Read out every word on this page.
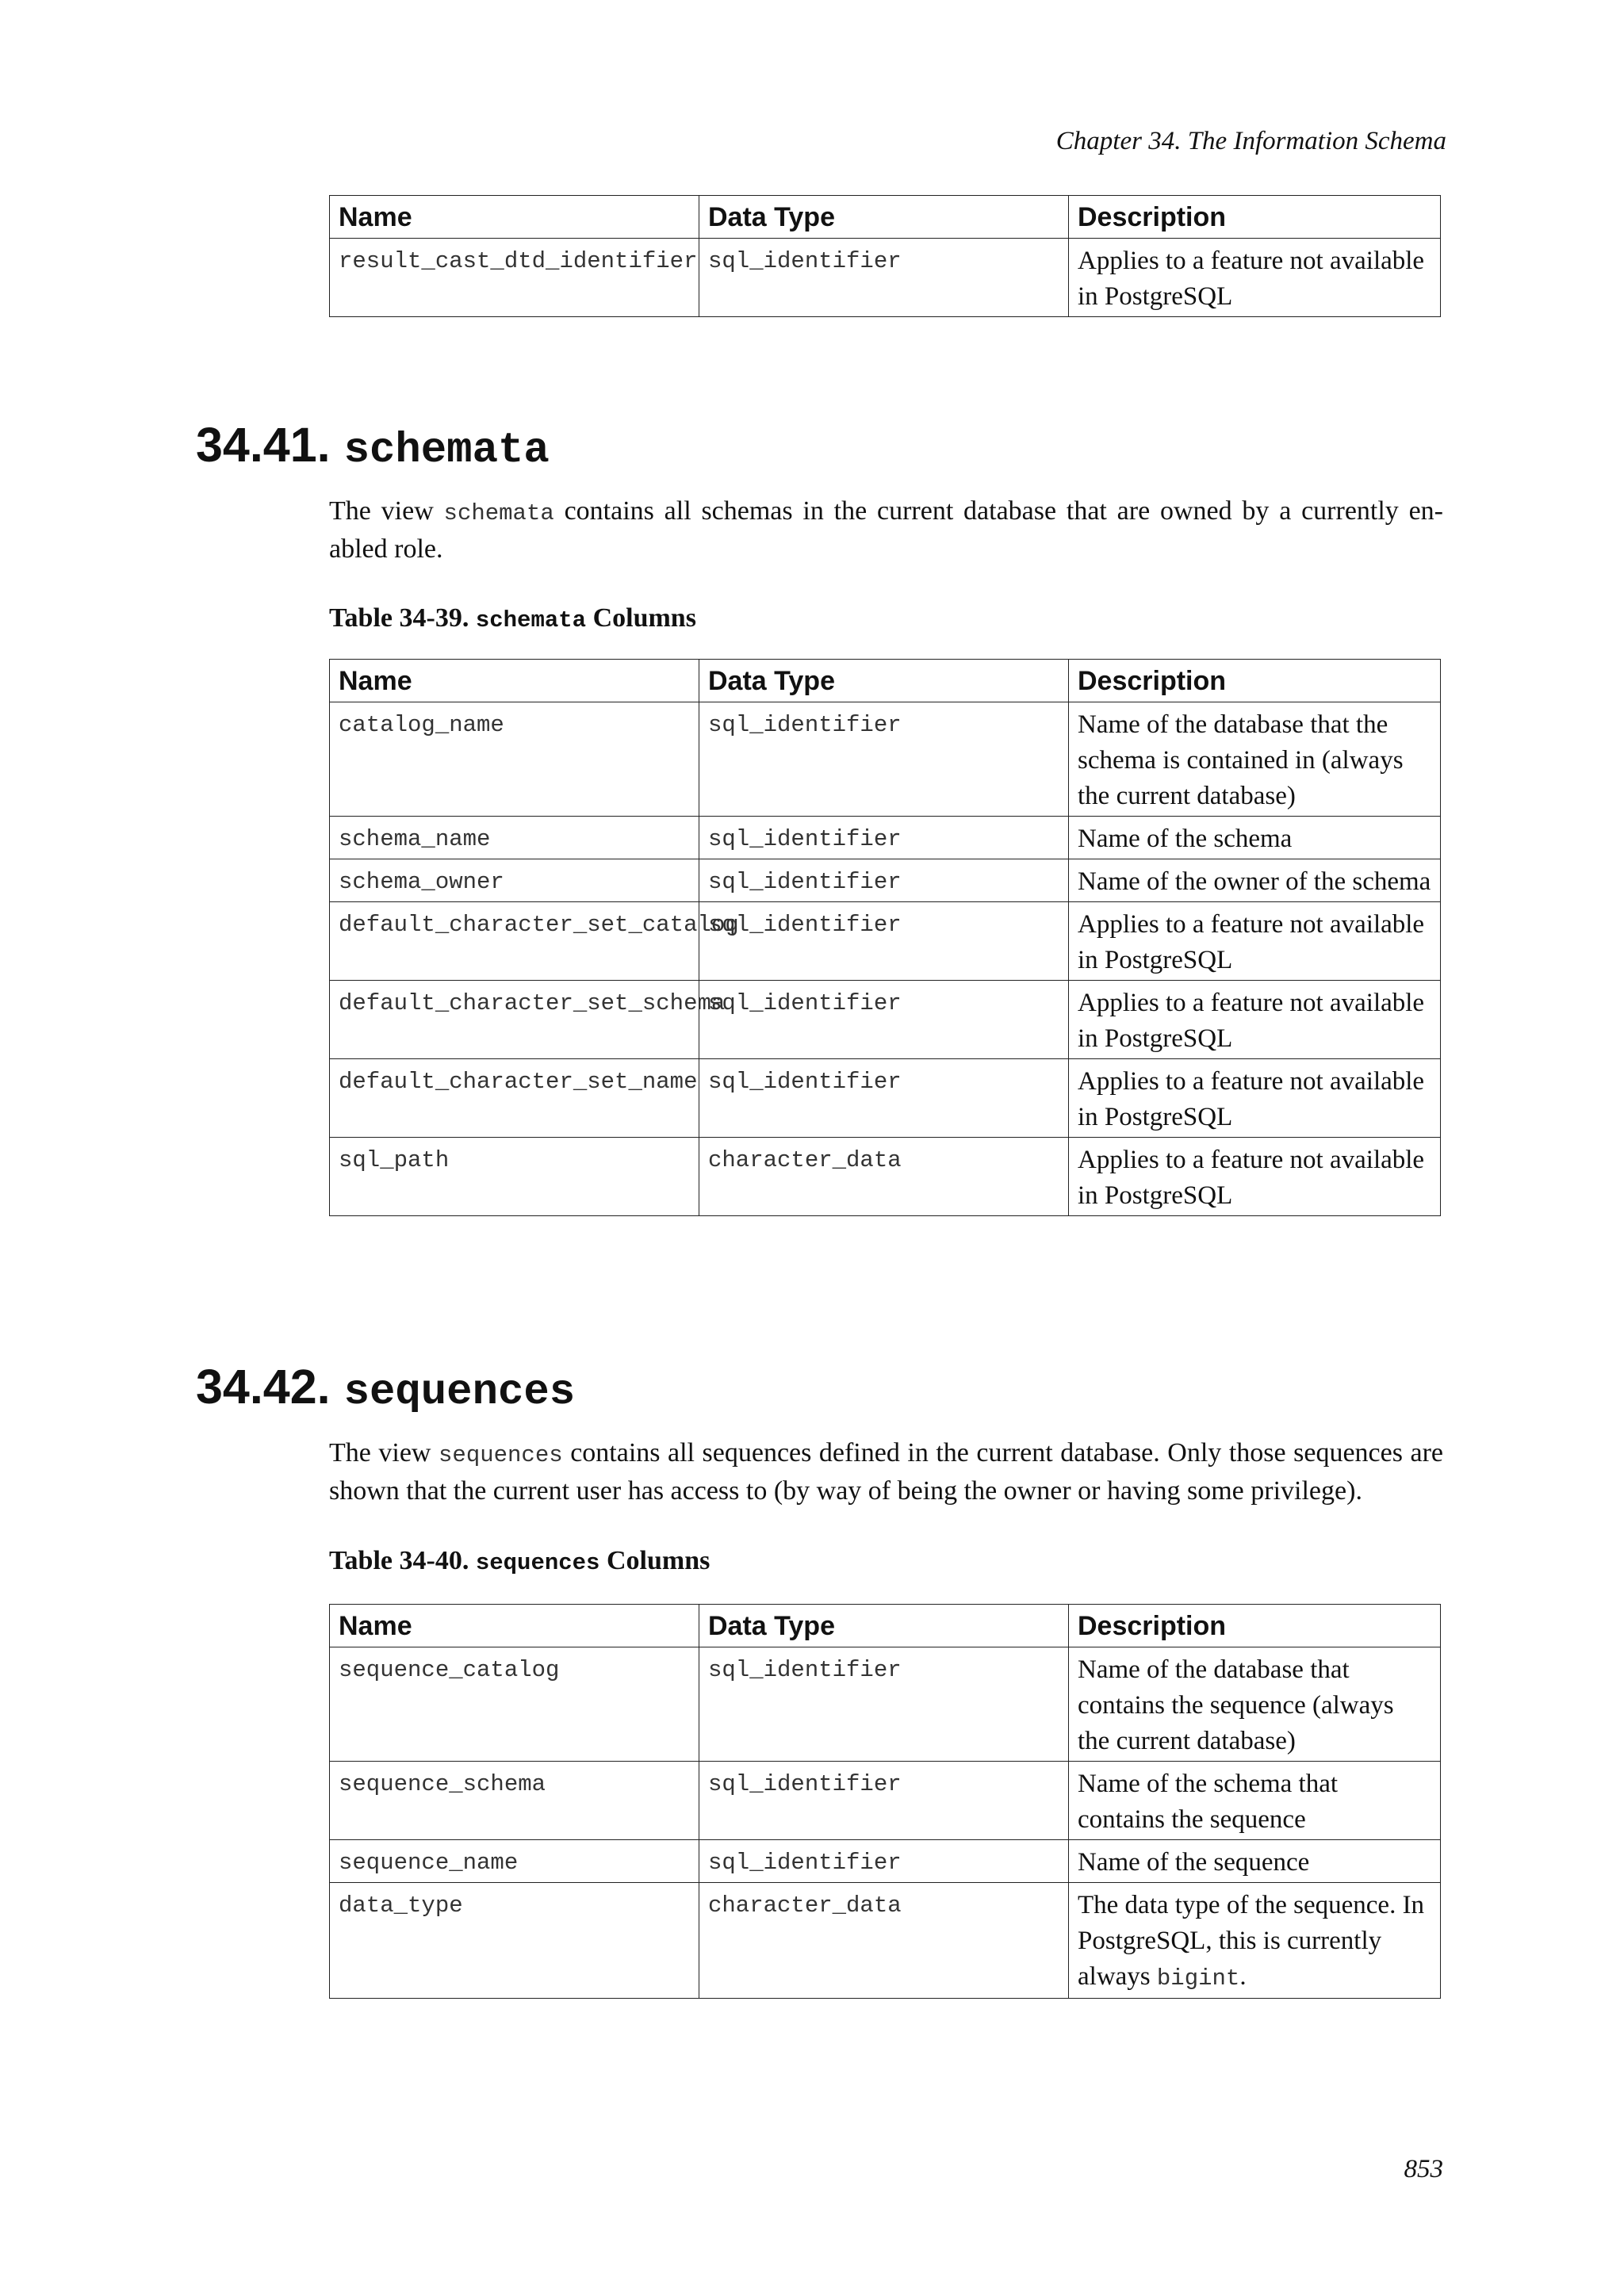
Chapter 34. The Information Schema
Name	Data Type	Description
result_cast_dtd_identifier	sql_identifier	Applies to a feature not available in PostgreSQL
34.41. schemata

The view schemata contains all schemas in the current database that are owned by a currently en- abled role.

Table 34-39. schemata Columns

Name	Data Type	Description
catalog_name	sql_identifier	Name of the database that the schema is contained in (always the current database)
schema_name	sql_identifier	Name of the schema
schema_owner	sql_identifier	Name of the owner of the schema
default_character_set_catalog	sql_identifier	Applies to a feature not available in PostgreSQL
default_character_set_schema	sql_identifier	Applies to a feature not available in PostgreSQL
default_character_set_name	sql_identifier	Applies to a feature not available in PostgreSQL
sql_path	character_data	Applies to a feature not available in PostgreSQL
34.42. sequences

The view sequences contains all sequences defined in the current database. Only those sequences are shown that the current user has access to (by way of being the owner or having some privilege).

Table 34-40. sequences Columns

Name	Data Type	Description
sequence_catalog	sql_identifier	Name of the database that contains the sequence (always the current database)
sequence_schema	sql_identifier	Name of the schema that contains the sequence
sequence_name	sql_identifier	Name of the sequence
data_type	character_data	The data type of the sequence. In PostgreSQL, this is currently always bigint.
853
